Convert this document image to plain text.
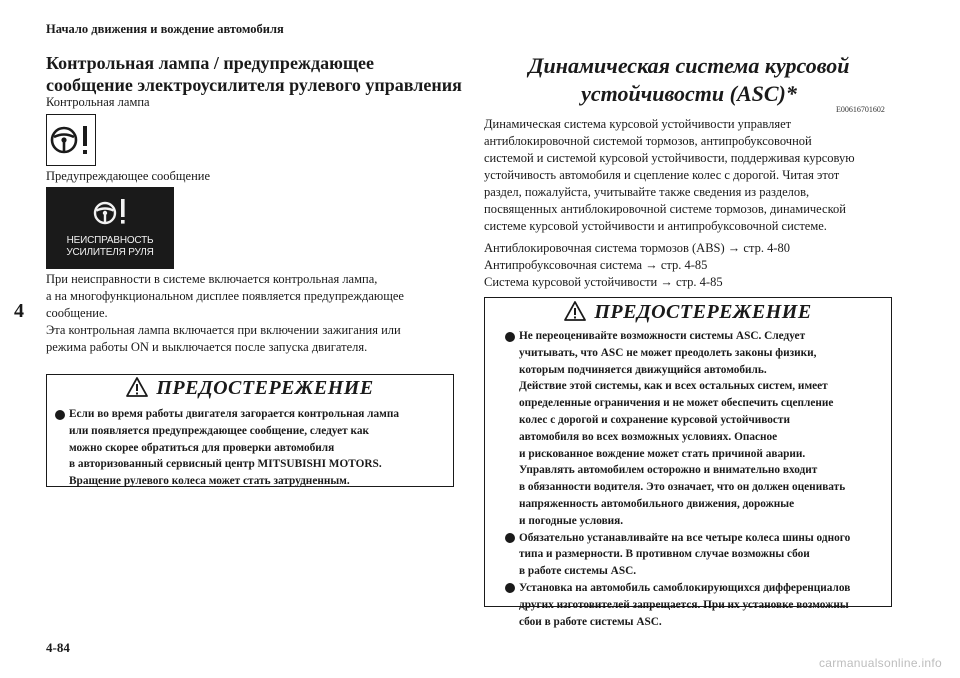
Начало движения и вождение автомобиля
4
4-84
carmanualsonline.info
Контрольная лампа / предупреждающее
сообщение электроусилителя рулевого управления
Контрольная лампа
Предупреждающее сообщение
НЕИСПРАВНОСТЬ
УСИЛИТЕЛЯ РУЛЯ
При неисправности в системе включается контрольная лампа,
а на многофункциональном дисплее появляется предупреждающее
сообщение.
Эта контрольная лампа включается при включении зажигания или
режима работы ON и выключается после запуска двигателя.
ПРЕДОСТЕРЕЖЕНИЕ
Если во время работы двигателя загорается контрольная лампа
или появляется предупреждающее сообщение, следует как
можно скорее обратиться для проверки автомобиля
в авторизованный сервисный центр MITSUBISHI MOTORS.
Вращение рулевого колеса может стать затрудненным.
Динамическая система курсовой
устойчивости (ASC)*
E00616701602
Динамическая система курсовой устойчивости управляет
антиблокировочной системой тормозов, антипробуксовочной
системой и системой курсовой устойчивости, поддерживая курсовую
устойчивость автомобиля и сцепление колес с дорогой. Читая этот
раздел, пожалуйста, учитывайте также сведения из разделов,
посвященных антиблокировочной системе тормозов, динамической
системе курсовой устойчивости и антипробуксовочной системе.
Антиблокировочная система тормозов (ABS) → стр. 4-80
Антипробуксовочная система → стр. 4-85
Система курсовой устойчивости → стр. 4-85
ПРЕДОСТЕРЕЖЕНИЕ
Не переоценивайте возможности системы ASC. Следует
учитывать, что ASC не может преодолеть законы физики,
которым подчиняется движущийся автомобиль.
Действие этой системы, как и всех остальных систем, имеет
определенные ограничения и не может обеспечить сцепление
колес с дорогой и сохранение курсовой устойчивости
автомобиля во всех возможных условиях. Опасное
и рискованное вождение может стать причиной аварии.
Управлять автомобилем осторожно и внимательно входит
в обязанности водителя. Это означает, что он должен оценивать
напряженность автомобильного движения, дорожные
и погодные условия.
Обязательно устанавливайте на все четыре колеса шины одного
типа и размерности. В противном случае возможны сбои
в работе системы ASC.
Установка на автомобиль самоблокирующихся дифференциалов
других изготовителей запрещается. При их установке возможны
сбои в работе системы ASC.
